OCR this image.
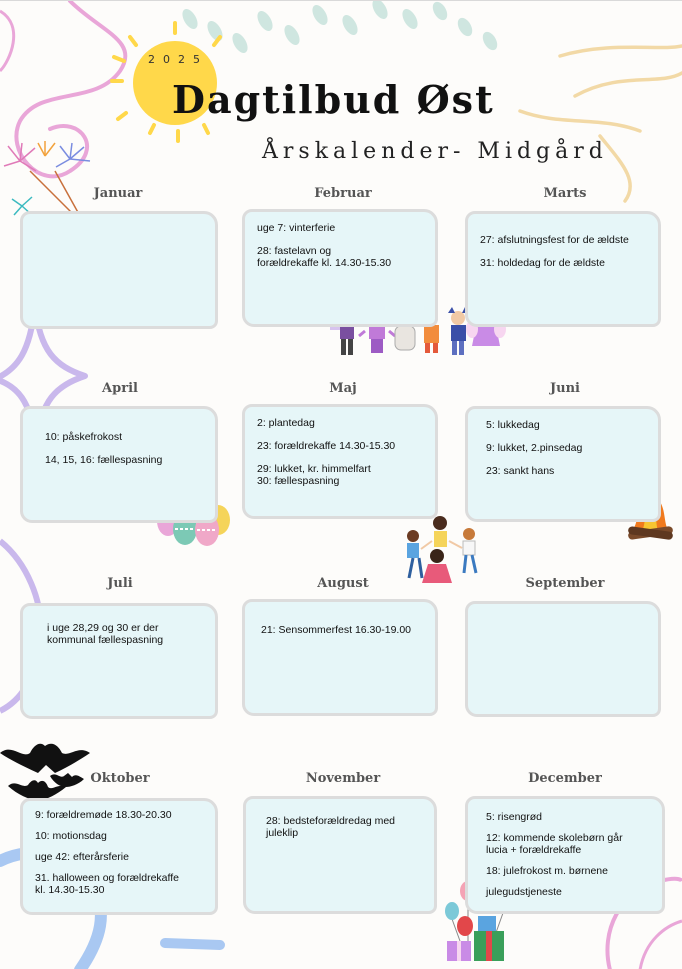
2025
Dagtilbud Øst
Årskalender- Midgård
Januar	Februar	Marts
April	Maj	Juni
Juli	August	September
Oktober	November	December
uge 7: vinterferie
28: fastelavn og
forældrekaffe kl. 14.30-15.30
27: afslutningsfest for de ældste
31: holdedag for de ældste
10: påskefrokost
14, 15, 16: fællespasning
2: plantedag
23: forældrekaffe 14.30-15.30
29: lukket, kr. himmelfart
30: fællespasning
5: lukkedag
9: lukket, 2.pinsedag
23: sankt hans
i uge 28,29 og 30 er der
kommunal fællespasning
21: Sensommerfest 16.30-19.00
9: forældremøde 18.30-20.30
10: motionsdag
uge 42: efterårsferie
31. halloween og forældrekaffe
kl. 14.30-15.30
28: bedsteforældredag med
juleklip
5: risengrød
12: kommende skolebørn går
lucia + forældrekaffe
18: julefrokost m. børnene
julegudstjeneste
